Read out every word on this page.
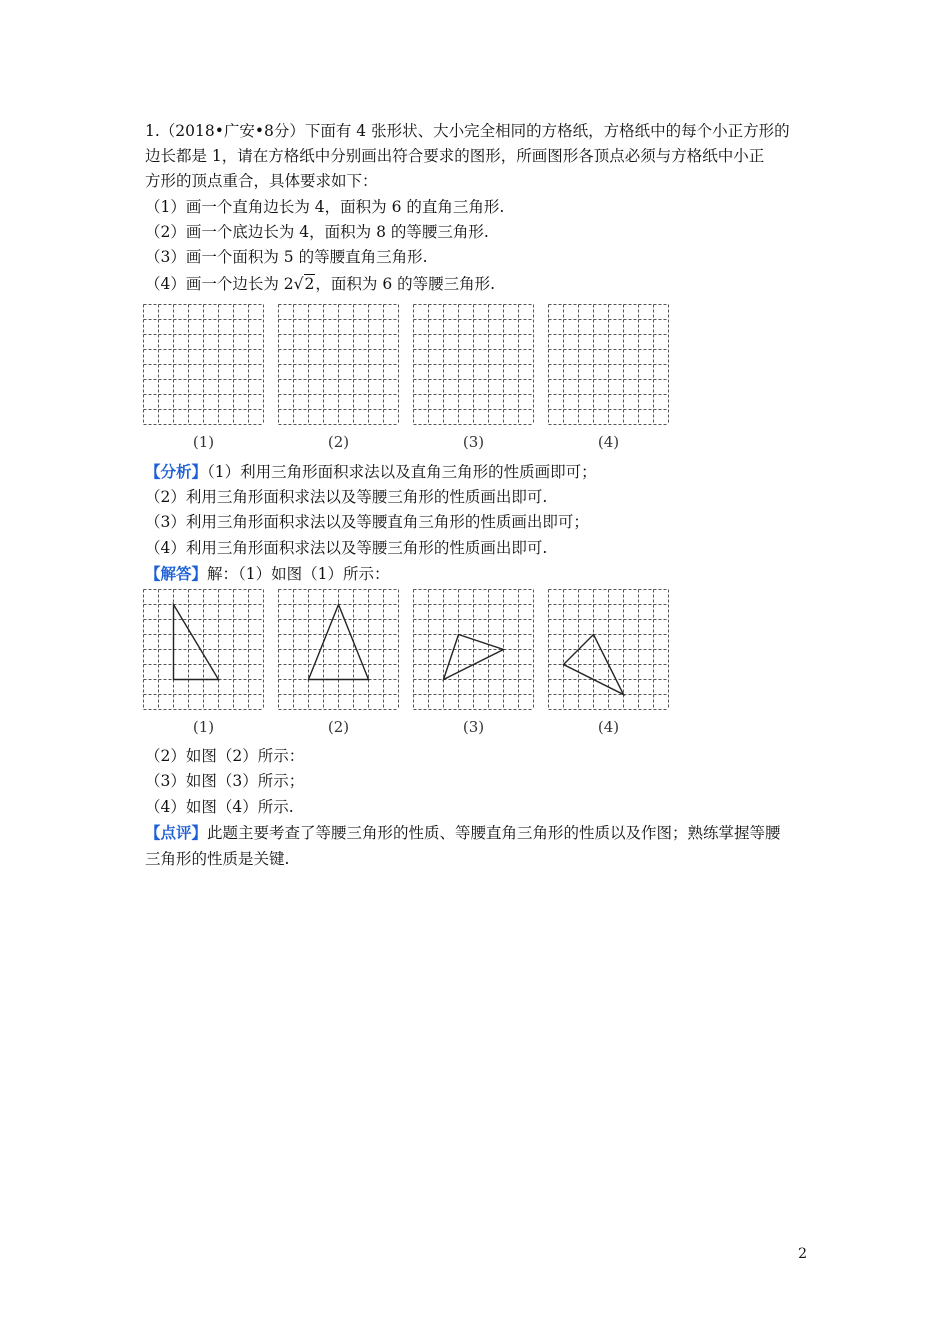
1.（2018•广安•8分）下面有 4 张形状、大小完全相同的方格纸，方格纸中的每个小正方形的
边长都是 1，请在方格纸中分别画出符合要求的图形，所画图形各顶点必须与方格纸中小正
方形的顶点重合，具体要求如下：
（1）画一个直角边长为 4，面积为 6 的直角三角形.
（2）画一个底边长为 4，面积为 8 的等腰三角形.
（3）画一个面积为 5 的等腰直角三角形.
（4）画一个边长为 2√2，面积为 6 的等腰三角形.
(1)	(2)	(3)	(4)
【分析】（1）利用三角形面积求法以及直角三角形的性质画即可；
（2）利用三角形面积求法以及等腰三角形的性质画出即可.
（3）利用三角形面积求法以及等腰直角三角形的性质画出即可；
（4）利用三角形面积求法以及等腰三角形的性质画出即可.
【解答】解：（1）如图（1）所示：
(1)	(2)	(3)	(4)
（2）如图（2）所示：
（3）如图（3）所示；
（4）如图（4）所示.
【点评】此题主要考查了等腰三角形的性质、等腰直角三角形的性质以及作图；熟练掌握等腰
三角形的性质是关键.
2
